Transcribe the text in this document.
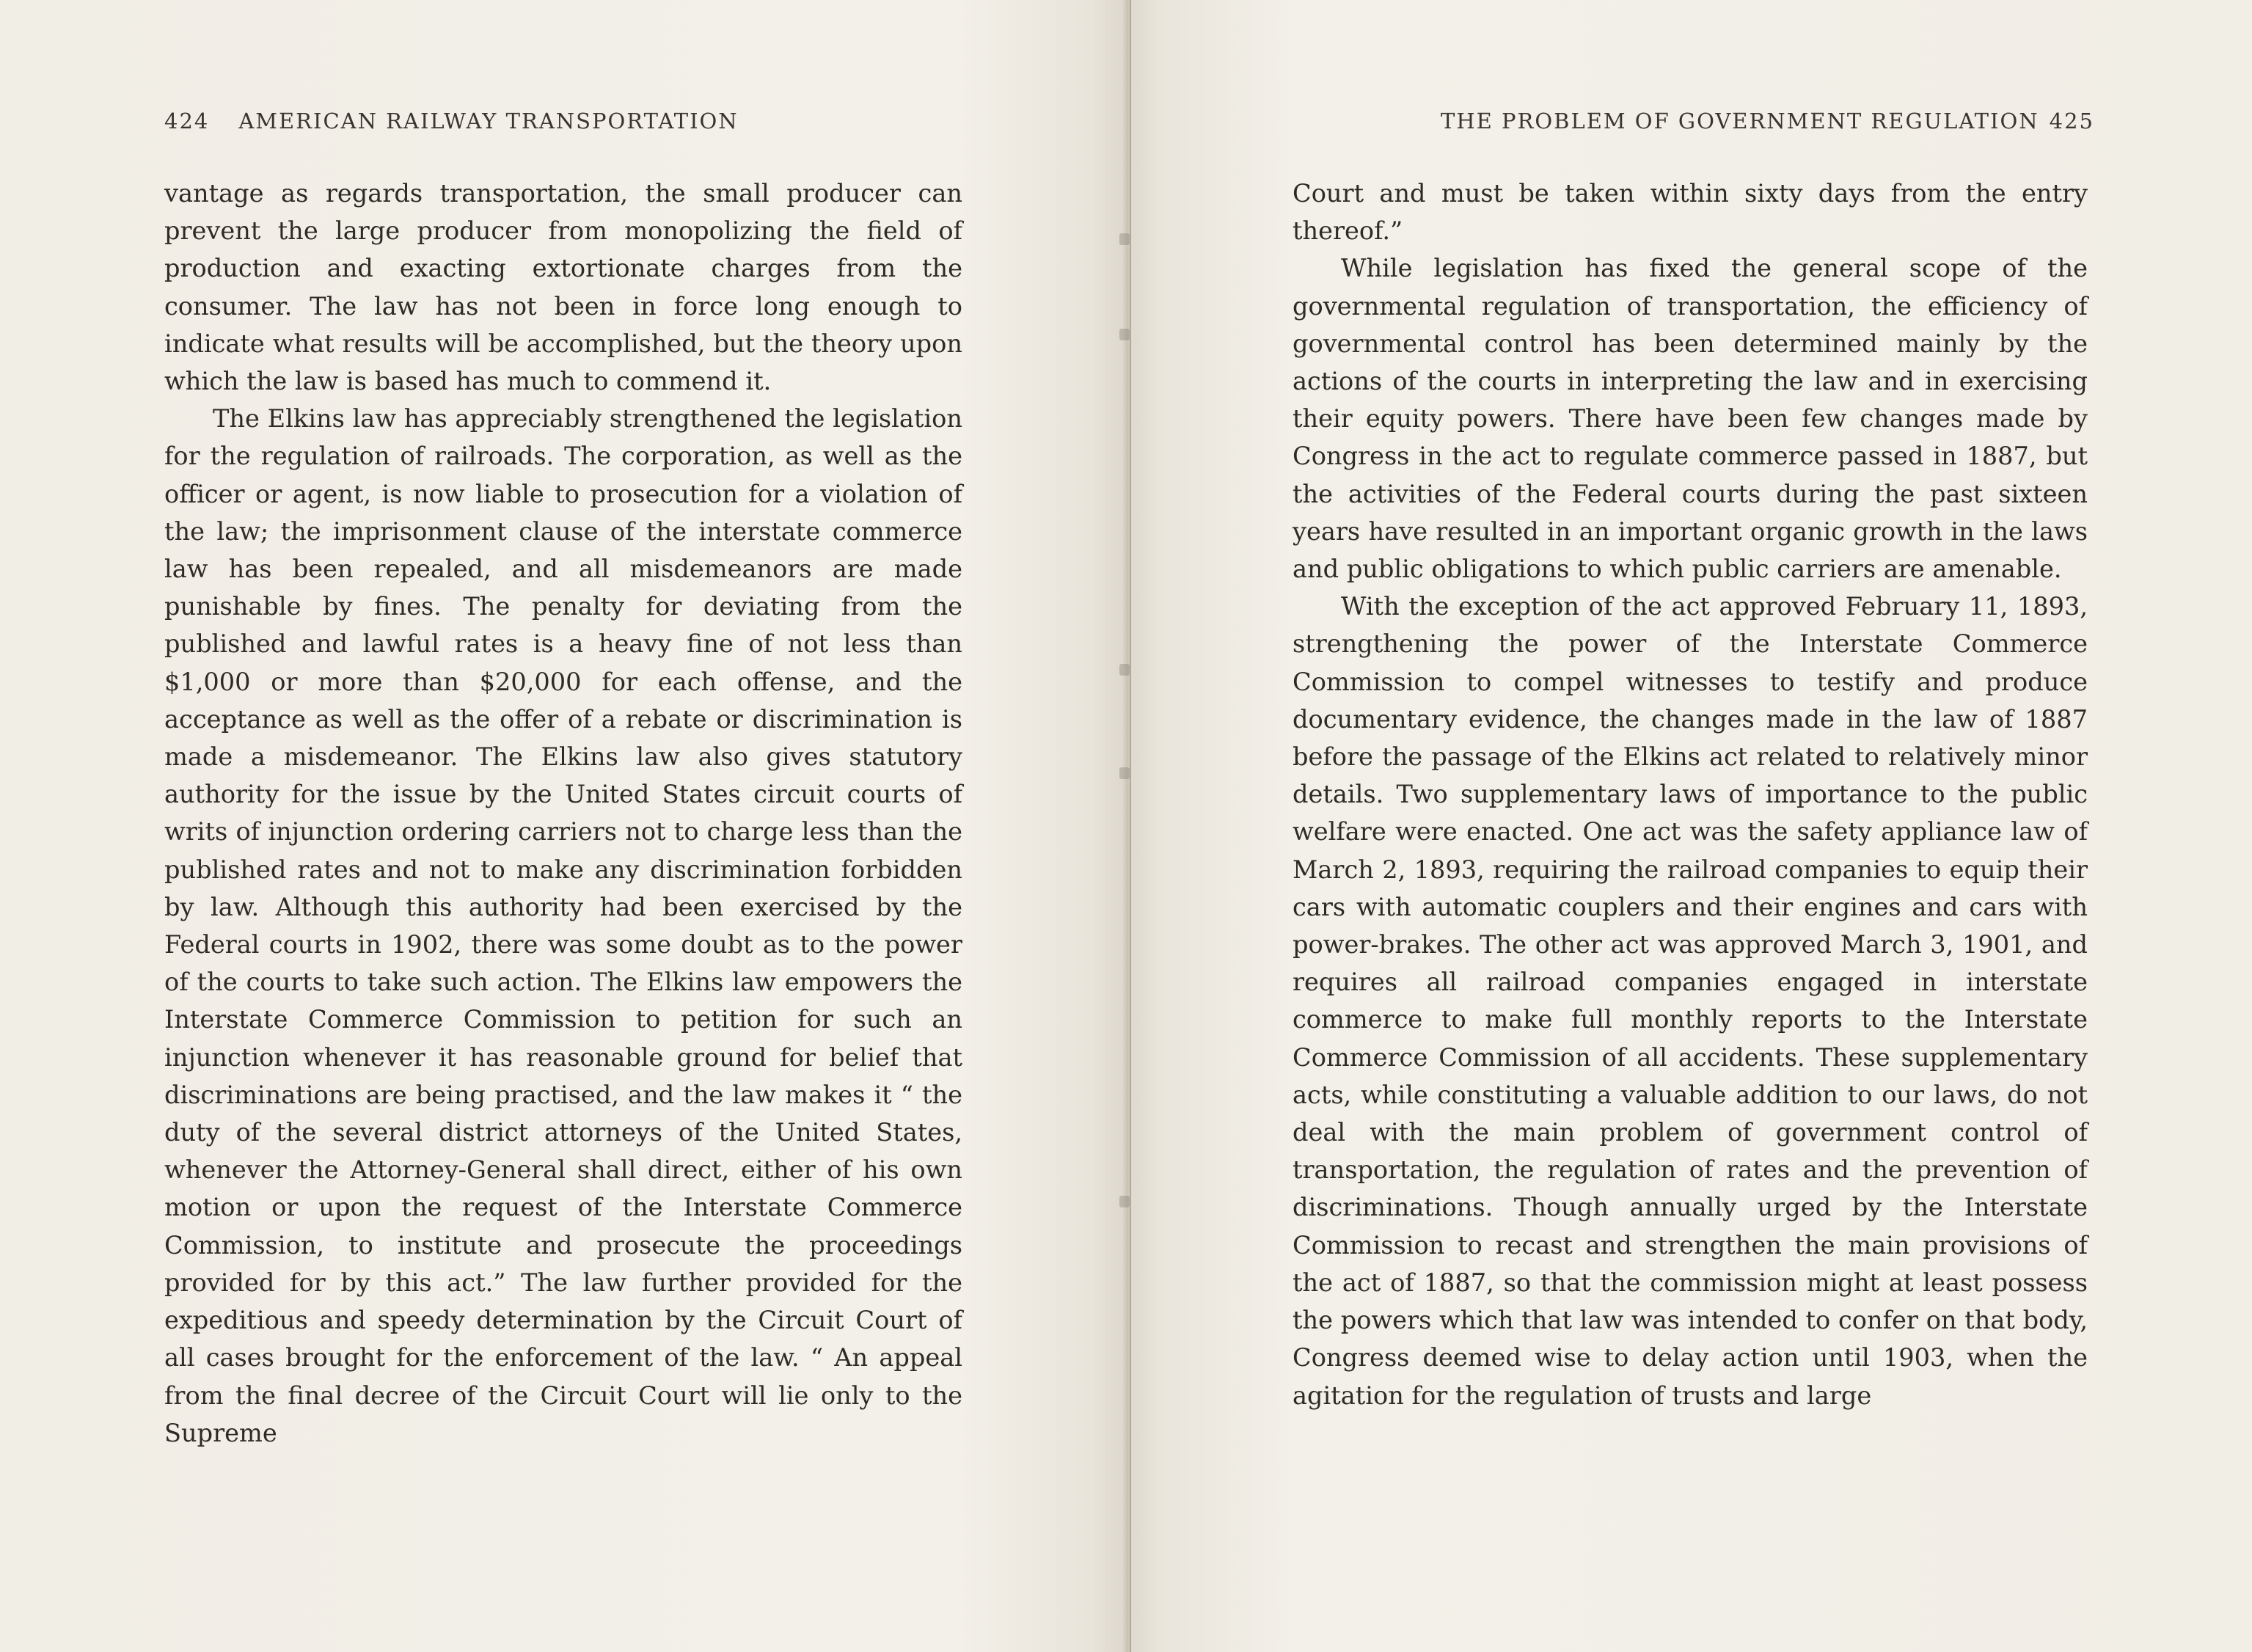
424 AMERICAN RAILWAY TRANSPORTATION

vantage as regards transportation, the small producer can prevent the large producer from monopolizing the field of production and exacting extortionate charges from the consumer. The law has not been in force long enough to indicate what results will be accomplished, but the theory upon which the law is based has much to commend it.

The Elkins law has appreciably strengthened the legislation for the regulation of railroads. The corporation, as well as the officer or agent, is now liable to prosecution for a violation of the law; the imprisonment clause of the interstate commerce law has been repealed, and all misdemeanors are made punishable by fines. The penalty for deviating from the published and lawful rates is a heavy fine of not less than $1,000 or more than $20,000 for each offense, and the acceptance as well as the offer of a rebate or discrimination is made a misdemeanor. The Elkins law also gives statutory authority for the issue by the United States circuit courts of writs of injunction ordering carriers not to charge less than the published rates and not to make any discrimination forbidden by law. Although this authority had been exercised by the Federal courts in 1902, there was some doubt as to the power of the courts to take such action. The Elkins law empowers the Interstate Commerce Commission to petition for such an injunction whenever it has reasonable ground for belief that discriminations are being practised, and the law makes it “ the duty of the several district attorneys of the United States, whenever the Attorney-General shall direct, either of his own motion or upon the request of the Interstate Commerce Commission, to institute and prosecute the proceedings provided for by this act.” The law further provided for the expeditious and speedy determination by the Circuit Court of all cases brought for the enforcement of the law. “ An appeal from the final decree of the Circuit Court will lie only to the Supreme

THE PROBLEM OF GOVERNMENT REGULATION 425

Court and must be taken within sixty days from the entry thereof.”

While legislation has fixed the general scope of the governmental regulation of transportation, the efficiency of governmental control has been determined mainly by the actions of the courts in interpreting the law and in exercising their equity powers. There have been few changes made by Congress in the act to regulate commerce passed in 1887, but the activities of the Federal courts during the past sixteen years have resulted in an important organic growth in the laws and public obligations to which public carriers are amenable.

With the exception of the act approved February 11, 1893, strengthening the power of the Interstate Commerce Commission to compel witnesses to testify and produce documentary evidence, the changes made in the law of 1887 before the passage of the Elkins act related to relatively minor details. Two supplementary laws of importance to the public welfare were enacted. One act was the safety appliance law of March 2, 1893, requiring the railroad companies to equip their cars with automatic couplers and their engines and cars with power-brakes. The other act was approved March 3, 1901, and requires all railroad companies engaged in interstate commerce to make full monthly reports to the Interstate Commerce Commission of all accidents. These supplementary acts, while constituting a valuable addition to our laws, do not deal with the main problem of government control of transportation, the regulation of rates and the prevention of discriminations. Though annually urged by the Interstate Commission to recast and strengthen the main provisions of the act of 1887, so that the commission might at least possess the powers which that law was intended to confer on that body, Congress deemed wise to delay action until 1903, when the agitation for the regulation of trusts and large
